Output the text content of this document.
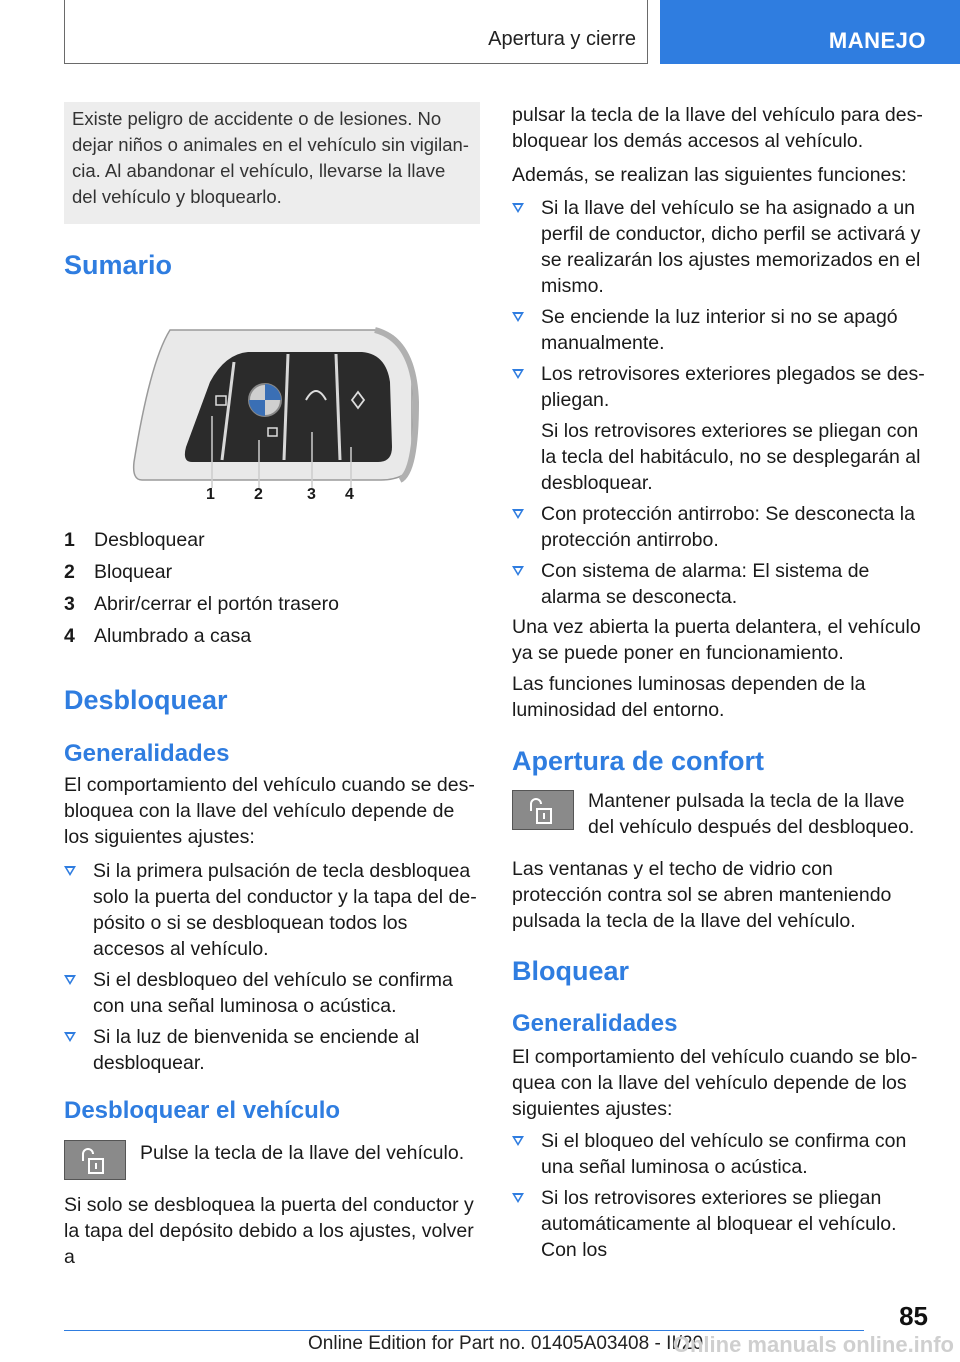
Apertura y cierre	MANEJO
Existe peligro de accidente o de lesiones. No dejar niños o animales en el vehículo sin vigilancia. Al abandonar el vehículo, llevarse la llave del vehículo y bloquearlo.
Sumario
1 2	3 4
1 Desbloquear
2 Bloquear
3 Abrir/cerrar el portón trasero
4 Alumbrado a casa
Desbloquear
Generalidades

El comportamiento del vehículo cuando se desbloquea con la llave del vehículo depende de los siguientes ajustes:

Si la primera pulsación de tecla desbloquea solo la puerta del conductor y la tapa del depósito o si se desbloquean todos los accesos al vehículo.
Si el desbloqueo del vehículo se confirma con una señal luminosa o acústica.
Si la luz de bienvenida se enciende al desbloquear.
Desbloquear el vehículo

Pulse la tecla de la llave del vehículo.

Si solo se desbloquea la puerta del conductor y la tapa del depósito debido a los ajustes, volver a

pulsar la tecla de la llave del vehículo para desbloquear los demás accesos al vehículo.

Además, se realizan las siguientes funciones:

Si la llave del vehículo se ha asignado a un perfil de conductor, dicho perfil se activará y se realizarán los ajustes memorizados en el mismo.
Se enciende la luz interior si no se apagó manualmente.
Los retrovisores exteriores plegados se despliegan.
Si los retrovisores exteriores se pliegan con la tecla del habitáculo, no se desplegarán al desbloquear.
Con protección antirrobo: Se desconecta la protección antirrobo.
Con sistema de alarma: El sistema de alarma se desconecta.

Una vez abierta la puerta delantera, el vehículo ya se puede poner en funcionamiento.

Las funciones luminosas dependen de la luminosidad del entorno.

Apertura de confort

Mantener pulsada la tecla de la llave del vehículo después del desbloqueo.

Las ventanas y el techo de vidrio con protección contra sol se abren manteniendo pulsada la tecla de la llave del vehículo.

Bloquear
Generalidades

El comportamiento del vehículo cuando se bloquea con la llave del vehículo depende de los siguientes ajustes:

Si el bloqueo del vehículo se confirma con una señal luminosa o acústica.
Si los retrovisores exteriores se pliegan automáticamente al bloquear el vehículo. Con los
85
Online Edition for Part no. 01405A03408 - II/20
Online manuals online.info
